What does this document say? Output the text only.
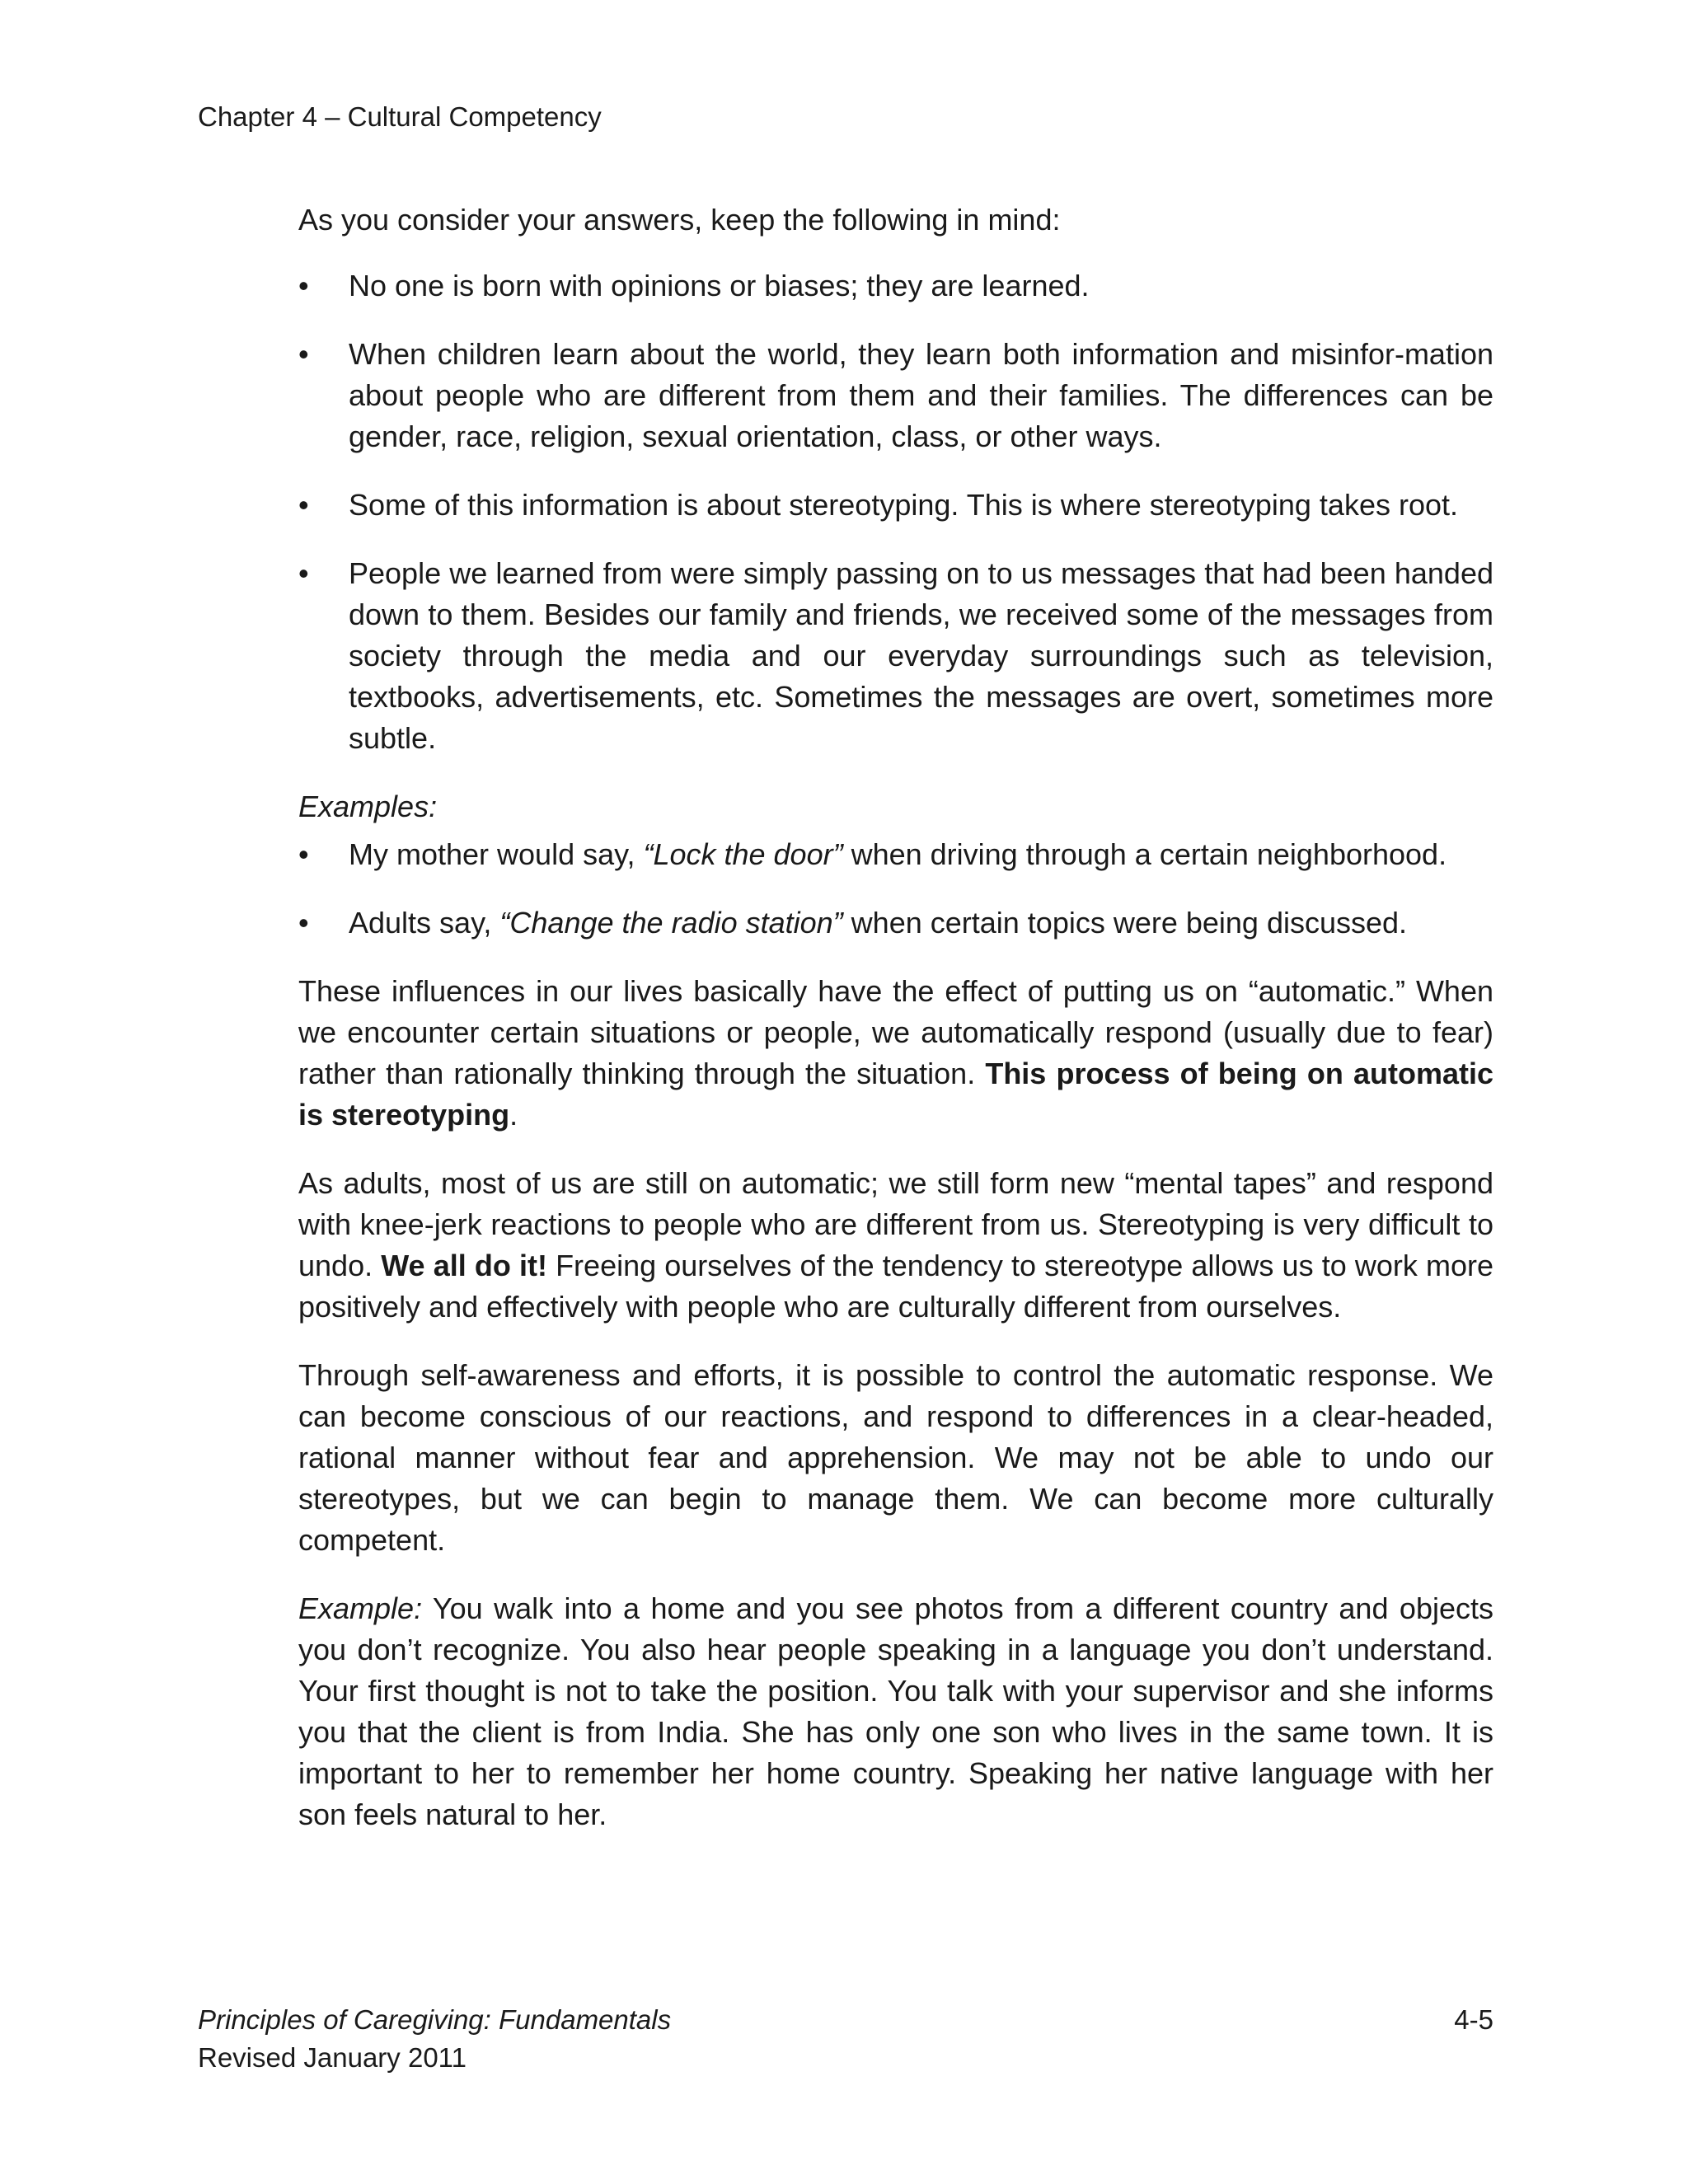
Chapter 4 – Cultural Competency

As you consider your answers, keep the following in mind:

• No one is born with opinions or biases; they are learned.
• When children learn about the world, they learn both information and misinfor-mation about people who are different from them and their families. The differences can be gender, race, religion, sexual orientation, class, or other ways.
• Some of this information is about stereotyping. This is where stereotyping takes root.
• People we learned from were simply passing on to us messages that had been handed down to them. Besides our family and friends, we received some of the messages from society through the media and our everyday surroundings such as television, textbooks, advertisements, etc. Sometimes the messages are overt, sometimes more subtle.

Examples:

• My mother would say, “Lock the door” when driving through a certain neighborhood.
• Adults say, “Change the radio station” when certain topics were being discussed.

These influences in our lives basically have the effect of putting us on “automatic.” When we encounter certain situations or people, we automatically respond (usually due to fear) rather than rationally thinking through the situation. This process of being on automatic is stereotyping.

As adults, most of us are still on automatic; we still form new “mental tapes” and respond with knee-jerk reactions to people who are different from us. Stereotyping is very difficult to undo. We all do it! Freeing ourselves of the tendency to stereotype allows us to work more positively and effectively with people who are culturally different from ourselves.

Through self-awareness and efforts, it is possible to control the automatic response. We can become conscious of our reactions, and respond to differences in a clear-headed, rational manner without fear and apprehension. We may not be able to undo our stereotypes, but we can begin to manage them. We can become more culturally competent.

Example: You walk into a home and you see photos from a different country and objects you don’t recognize. You also hear people speaking in a language you don’t understand. Your first thought is not to take the position. You talk with your supervisor and she informs you that the client is from India. She has only one son who lives in the same town. It is important to her to remember her home country. Speaking her native language with her son feels natural to her.

Principles of Caregiving: Fundamentals
Revised January 2011
4-5
